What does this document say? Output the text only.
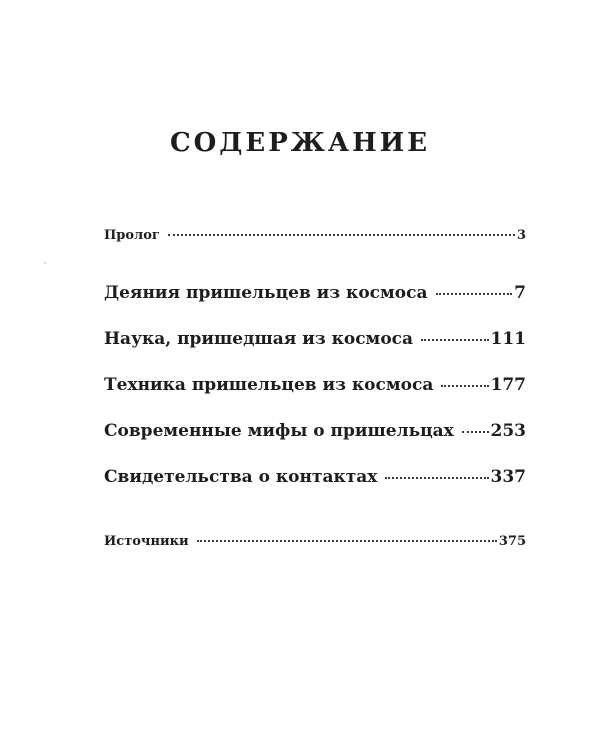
СОДЕРЖАНИЕ
Пролог	3
Деяния пришельцев из космоса	7
Наука, пришедшая из космоса	111
Техника пришельцев из космоса	177
Современные мифы о пришельцах 253
Свидетельства о контактах	337
Источники	375
